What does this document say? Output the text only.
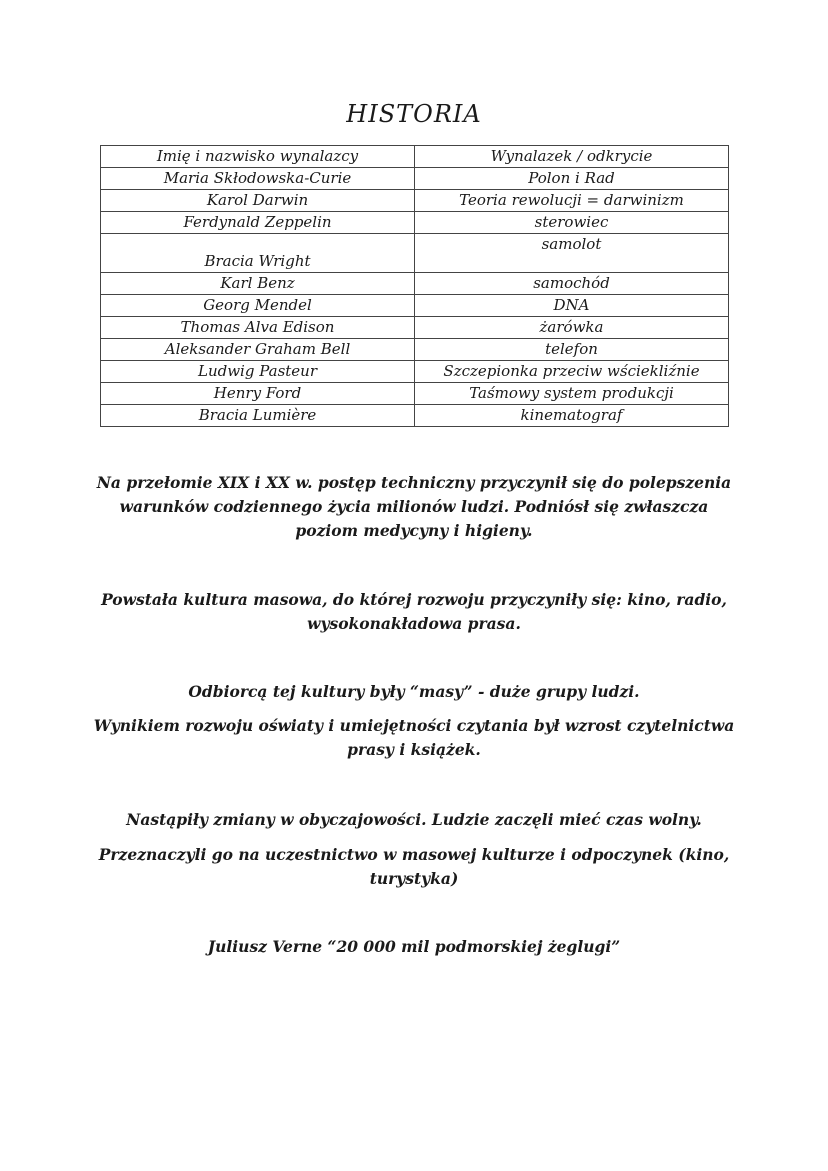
HISTORIA
Imię i nazwisko wynalazcy	Wynalazek / odkrycie
Maria Skłodowska-Curie	Polon i Rad
Karol Darwin	Teoria rewolucji = darwinizm
Ferdynald Zeppelin	sterowiec
Bracia Wright	samolot
Karl Benz	samochód
Georg Mendel	DNA
Thomas Alva Edison	żarówka
Aleksander Graham Bell	telefon
Ludwig Pasteur	Szczepionka przeciw wściekliźnie
Henry Ford	Taśmowy system produkcji
Bracia Lumière	kinematograf

Na przełomie XIX i XX w. postęp techniczny przyczynił się do polepszenia warunków codziennego życia milionów ludzi. Podniósł się zwłaszcza poziom medycyny i higieny.

Powstała kultura masowa, do której rozwoju przyczyniły się: kino, radio, wysokonakładowa prasa.

Odbiorcą tej kultury były “masy” - duże grupy ludzi.

Wynikiem rozwoju oświaty i umiejętności czytania był wzrost czytelnictwa prasy i książek.

Nastąpiły zmiany w obyczajowości. Ludzie zaczęli mieć czas wolny.

Przeznaczyli go na uczestnictwo w masowej kulturze i odpoczynek (kino, turystyka)

Juliusz Verne “20 000 mil podmorskiej żeglugi”
